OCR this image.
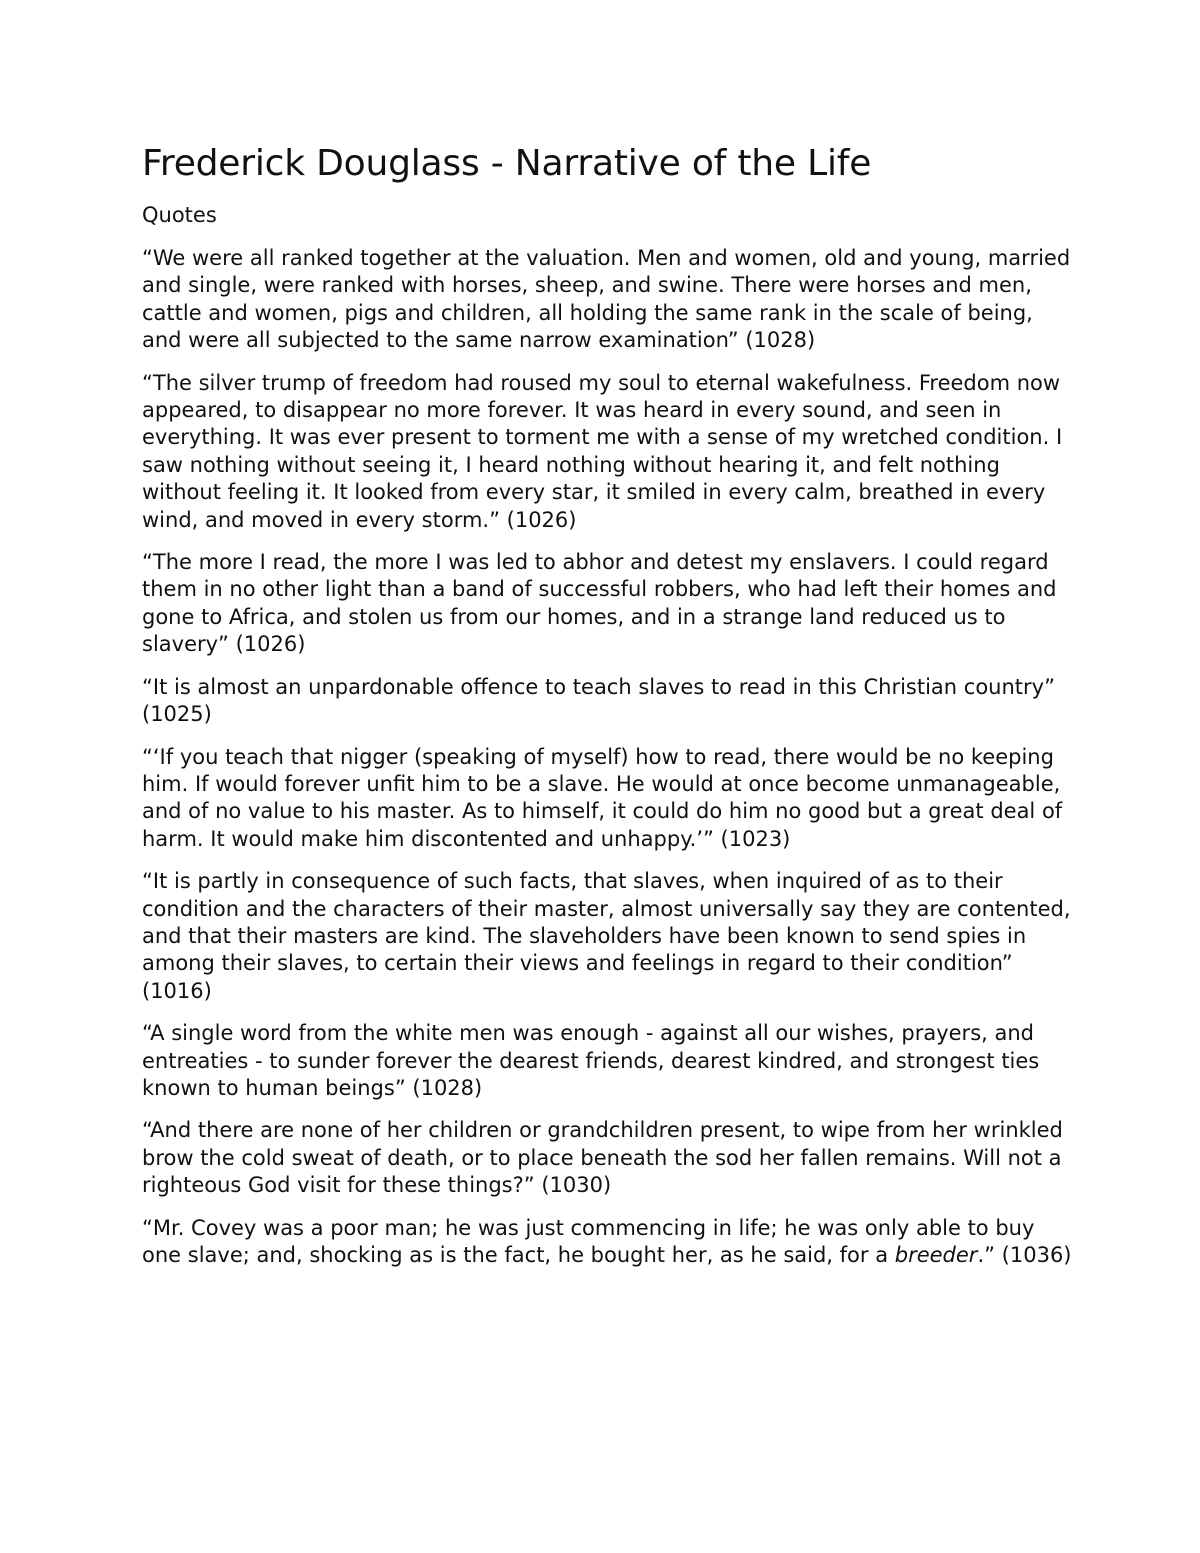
Frederick Douglass - Narrative of the Life

Quotes

“We were all ranked together at the valuation. Men and women, old and young, married and single, were ranked with horses, sheep, and swine. There were horses and men, cattle and women, pigs and children, all holding the same rank in the scale of being, and were all subjected to the same narrow examination” (1028)

“The silver trump of freedom had roused my soul to eternal wakefulness. Freedom now appeared, to disappear no more forever. It was heard in every sound, and seen in everything. It was ever present to torment me with a sense of my wretched condition. I saw nothing without seeing it, I heard nothing without hearing it, and felt nothing without feeling it. It looked from every star, it smiled in every calm, breathed in every wind, and moved in every storm.” (1026)

“The more I read, the more I was led to abhor and detest my enslavers. I could regard them in no other light than a band of successful robbers, who had left their homes and gone to Africa, and stolen us from our homes, and in a strange land reduced us to slavery” (1026)

“It is almost an unpardonable offence to teach slaves to read in this Christian country” (1025)

“‘If you teach that nigger (speaking of myself) how to read, there would be no keeping him. If would forever unfit him to be a slave. He would at once become unmanageable, and of no value to his master. As to himself, it could do him no good but a great deal of harm. It would make him discontented and unhappy.’” (1023)

“It is partly in consequence of such facts, that slaves, when inquired of as to their condition and the characters of their master, almost universally say they are contented, and that their masters are kind. The slaveholders have been known to send spies in among their slaves, to certain their views and feelings in regard to their condition” (1016)

“A single word from the white men was enough - against all our wishes, prayers, and entreaties - to sunder forever the dearest friends, dearest kindred, and strongest ties known to human beings” (1028)

“And there are none of her children or grandchildren present, to wipe from her wrinkled brow the cold sweat of death, or to place beneath the sod her fallen remains. Will not a righteous God visit for these things?” (1030)

“Mr. Covey was a poor man; he was just commencing in life; he was only able to buy one slave; and, shocking as is the fact, he bought her, as he said, for a breeder.” (1036)
